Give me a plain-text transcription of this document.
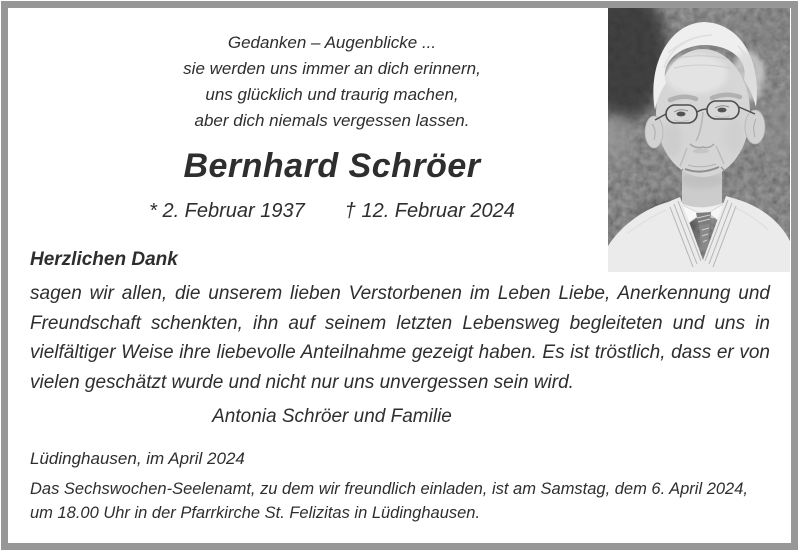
Gedanken – Augenblicke ...
sie werden uns immer an dich erinnern,
uns glücklich und traurig machen,
aber dich niemals vergessen lassen.
Bernhard Schröer
* 2. Februar 1937 † 12. Februar 2024
Herzlichen Dank
sagen wir allen, die unserem lieben Verstorbenen im Leben Liebe, Anerkennung und Freundschaft schenkten, ihn auf seinem letzten Lebensweg begleiteten und uns in vielfältiger Weise ihre liebevolle Anteilnahme gezeigt haben. Es ist tröstlich, dass er von vielen geschätzt wurde und nicht nur uns unvergessen sein wird.
Antonia Schröer und Familie
Lüdinghausen, im April 2024
Das Sechswochen-Seelenamt, zu dem wir freundlich einladen, ist am Samstag, dem 6. April 2024, um 18.00 Uhr in der Pfarrkirche St. Felizitas in Lüdinghausen.
